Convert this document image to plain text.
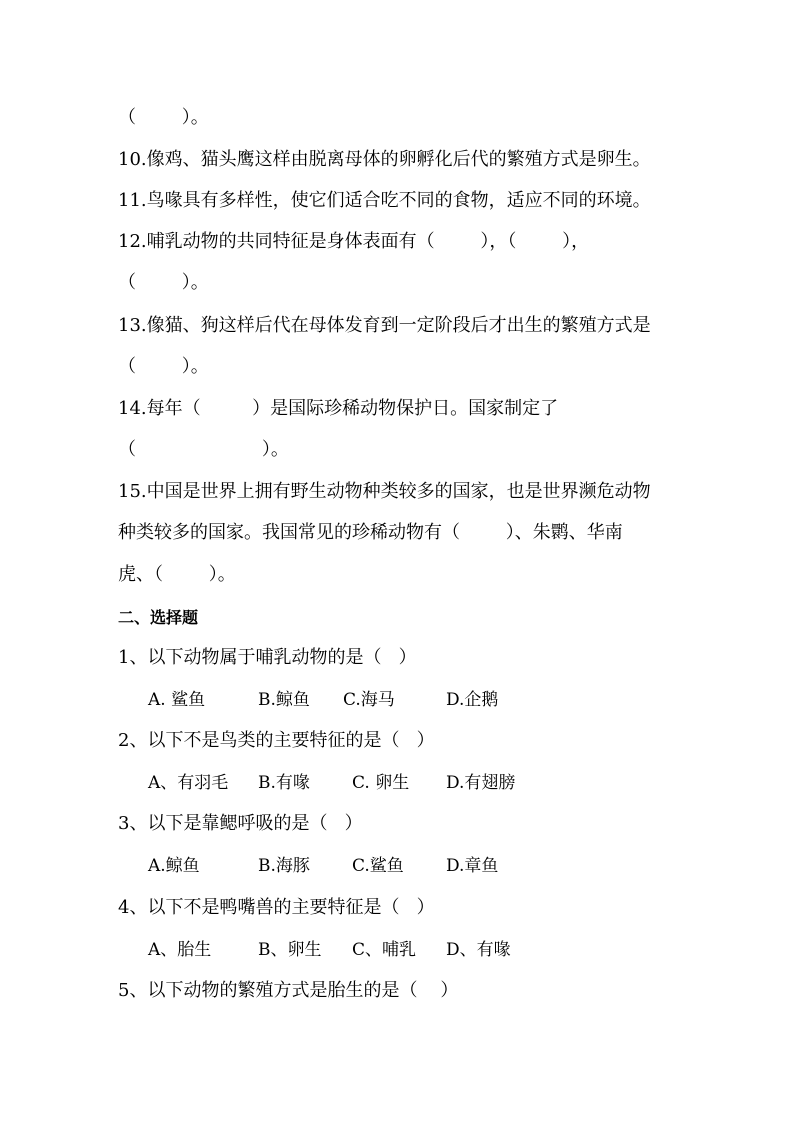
（        ）。
10.像鸡、猫头鹰这样由脱离母体的卵孵化后代的繁殖方式是卵生。
11.鸟喙具有多样性，使它们适合吃不同的食物，适应不同的环境。
12.哺乳动物的共同特征是身体表面有（        ），（        ），
（        ）。
13.像猫、狗这样后代在母体发育到一定阶段后才出生的繁殖方式是
（        ）。
14.每年（         ）是国际珍稀动物保护日。国家制定了
（                      ）。
15.中国是世界上拥有野生动物种类较多的国家，也是世界濒危动物
种类较多的国家。我国常见的珍稀动物有（        ）、朱鹮、华南
虎、（        ）。
二、选择题
1、以下动物属于哺乳动物的是（   ）
A. 鲨鱼	B.鲸鱼 C.海马	D.企鹅
2、以下不是鸟类的主要特征的是（   ）
A、有羽毛 B.有喙 C. 卵生 D.有翅膀
3、以下是靠鳃呼吸的是（   ）
A.鲸鱼	B.海豚 C.鲨鱼 D.章鱼
4、以下不是鸭嘴兽的主要特征是（   ）
A、胎生	B、卵生 C、哺乳 D、有喙
5、以下动物的繁殖方式是胎生的是（    ）
